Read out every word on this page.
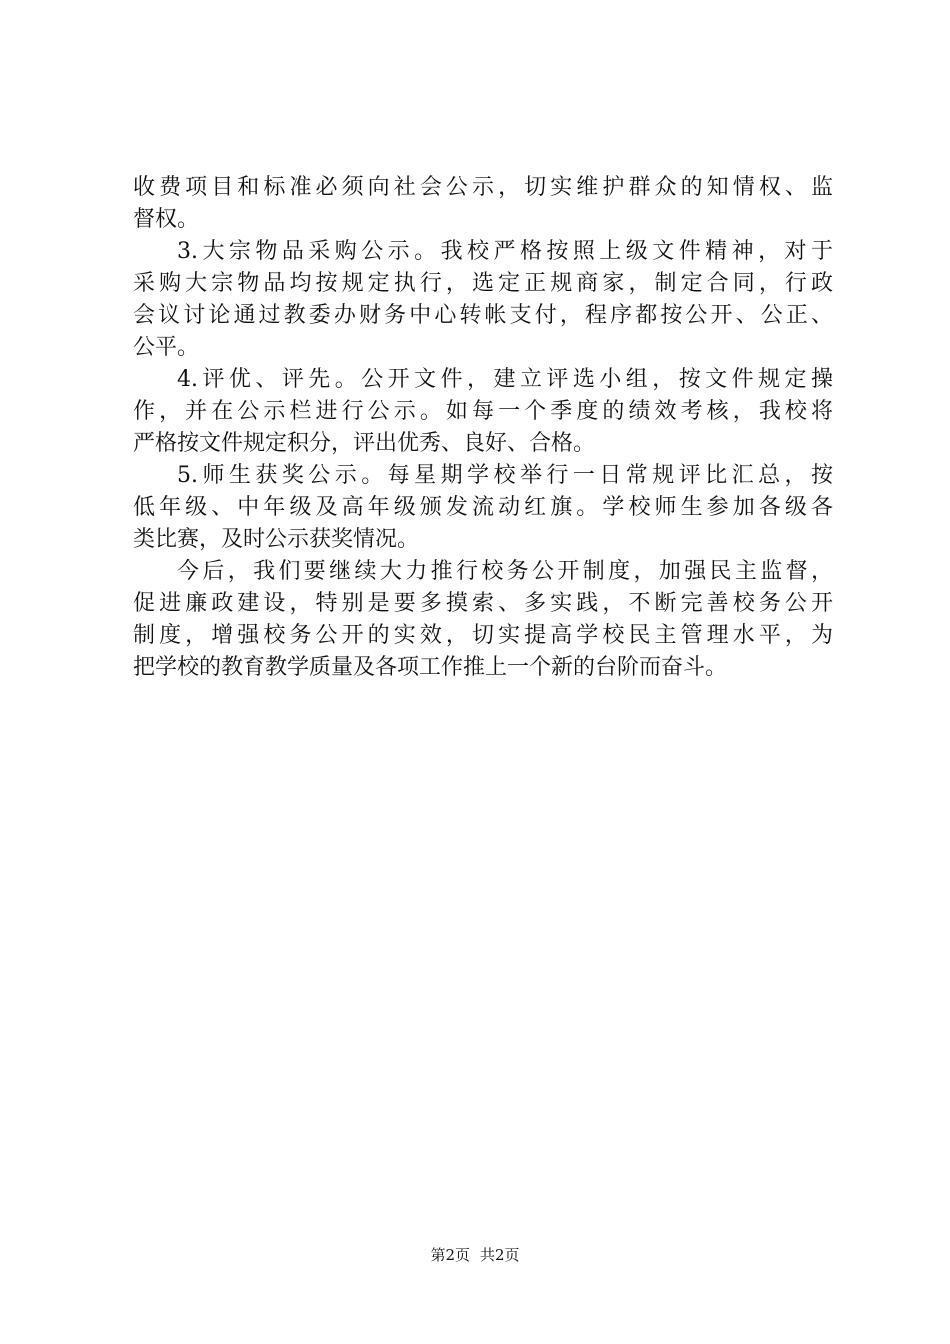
收费项目和标准必须向社会公示，切实维护群众的知情权、监
督权。
3.大宗物品采购公示。我校严格按照上级文件精神，对于
采购大宗物品均按规定执行，选定正规商家，制定合同，行政
会议讨论通过教委办财务中心转帐支付，程序都按公开、公正、
公平。
4.评优、评先。公开文件，建立评选小组，按文件规定操
作，并在公示栏进行公示。如每一个季度的绩效考核，我校将
严格按文件规定积分，评出优秀、良好、合格。
5.师生获奖公示。每星期学校举行一日常规评比汇总，按
低年级、中年级及高年级颁发流动红旗。学校师生参加各级各
类比赛，及时公示获奖情况。
今后，我们要继续大力推行校务公开制度，加强民主监督，
促进廉政建设，特别是要多摸索、多实践，不断完善校务公开
制度，增强校务公开的实效，切实提高学校民主管理水平，为
把学校的教育教学质量及各项工作推上一个新的台阶而奋斗。
第2页 共2页
